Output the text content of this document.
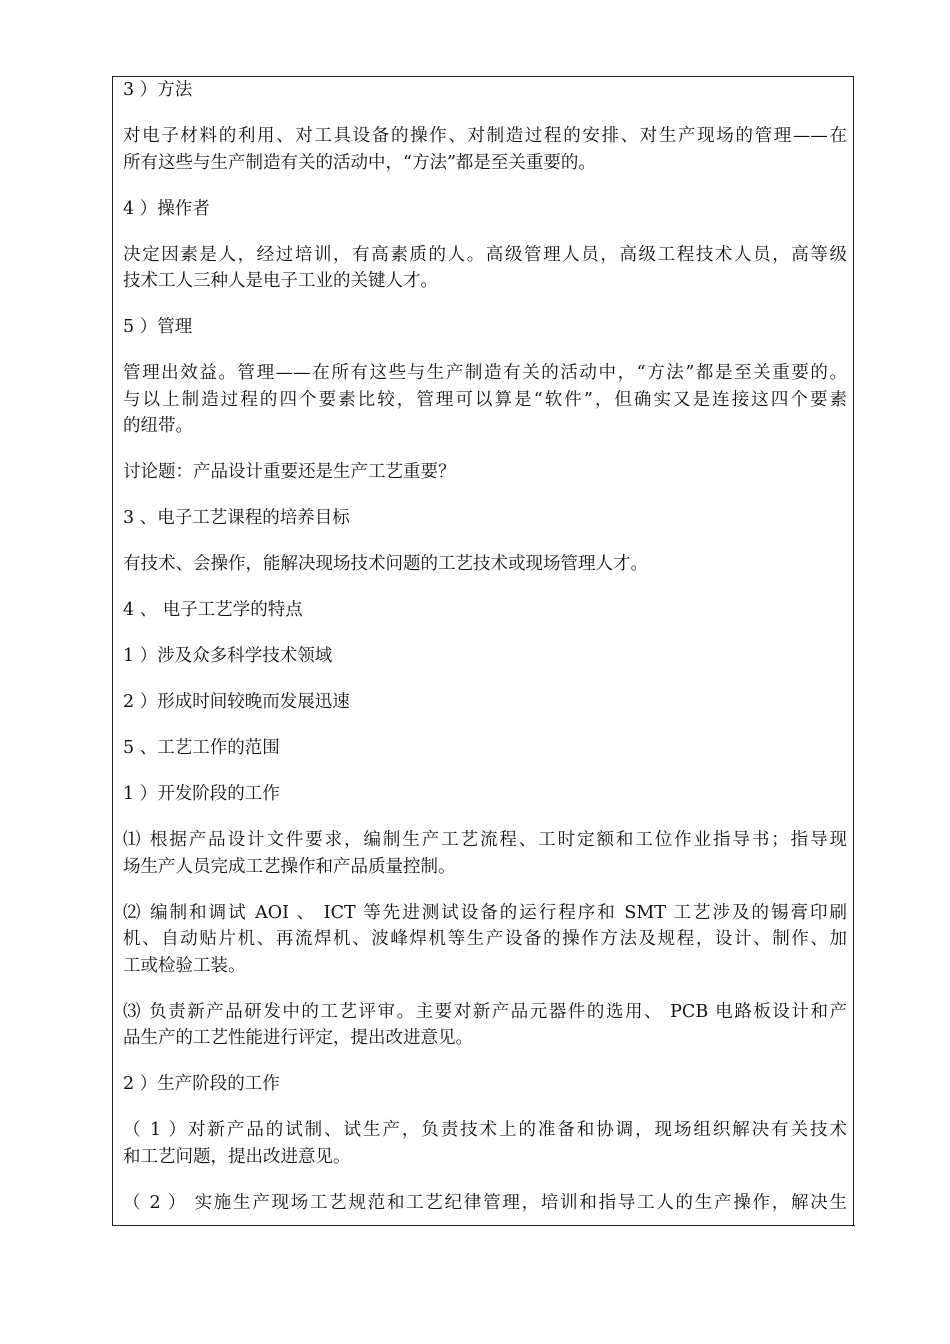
3 ）方法
对电子材料的利用、对工具设备的操作、对制造过程的安排、对生产现场的管理——在
所有这些与生产制造有关的活动中，“方法”都是至关重要的。
4 ）操作者
决定因素是人，经过培训，有高素质的人。高级管理人员，高级工程技术人员，高等级
技术工人三种人是电子工业的关键人才。
5 ）管理
管理出效益。管理——在所有这些与生产制造有关的活动中，“方法”都是至关重要的。
与以上制造过程的四个要素比较，管理可以算是“软件”，但确实又是连接这四个要素
的纽带。
讨论题：产品设计重要还是生产工艺重要？
3 、电子工艺课程的培养目标
有技术、会操作，能解决现场技术问题的工艺技术或现场管理人才。
4 、 电子工艺学的特点
1 ）涉及众多科学技术领域
2 ）形成时间较晚而发展迅速
5 、工艺工作的范围
1 ）开发阶段的工作
⑴ 根据产品设计文件要求，编制生产工艺流程、工时定额和工位作业指导书；指导现
场生产人员完成工艺操作和产品质量控制。
⑵ 编制和调试 AOI 、 ICT 等先进测试设备的运行程序和 SMT 工艺涉及的锡膏印刷
机、自动贴片机、再流焊机、波峰焊机等生产设备的操作方法及规程，设计、制作、加
工或检验工装。
⑶ 负责新产品研发中的工艺评审。主要对新产品元器件的选用、 PCB 电路板设计和产
品生产的工艺性能进行评定，提出改进意见。
2 ）生产阶段的工作
（ 1 ）对新产品的试制、试生产，负责技术上的准备和协调，现场组织解决有关技术
和工艺问题，提出改进意见。
（ 2 ） 实施生产现场工艺规范和工艺纪律管理，培训和指导工人的生产操作，解决生
